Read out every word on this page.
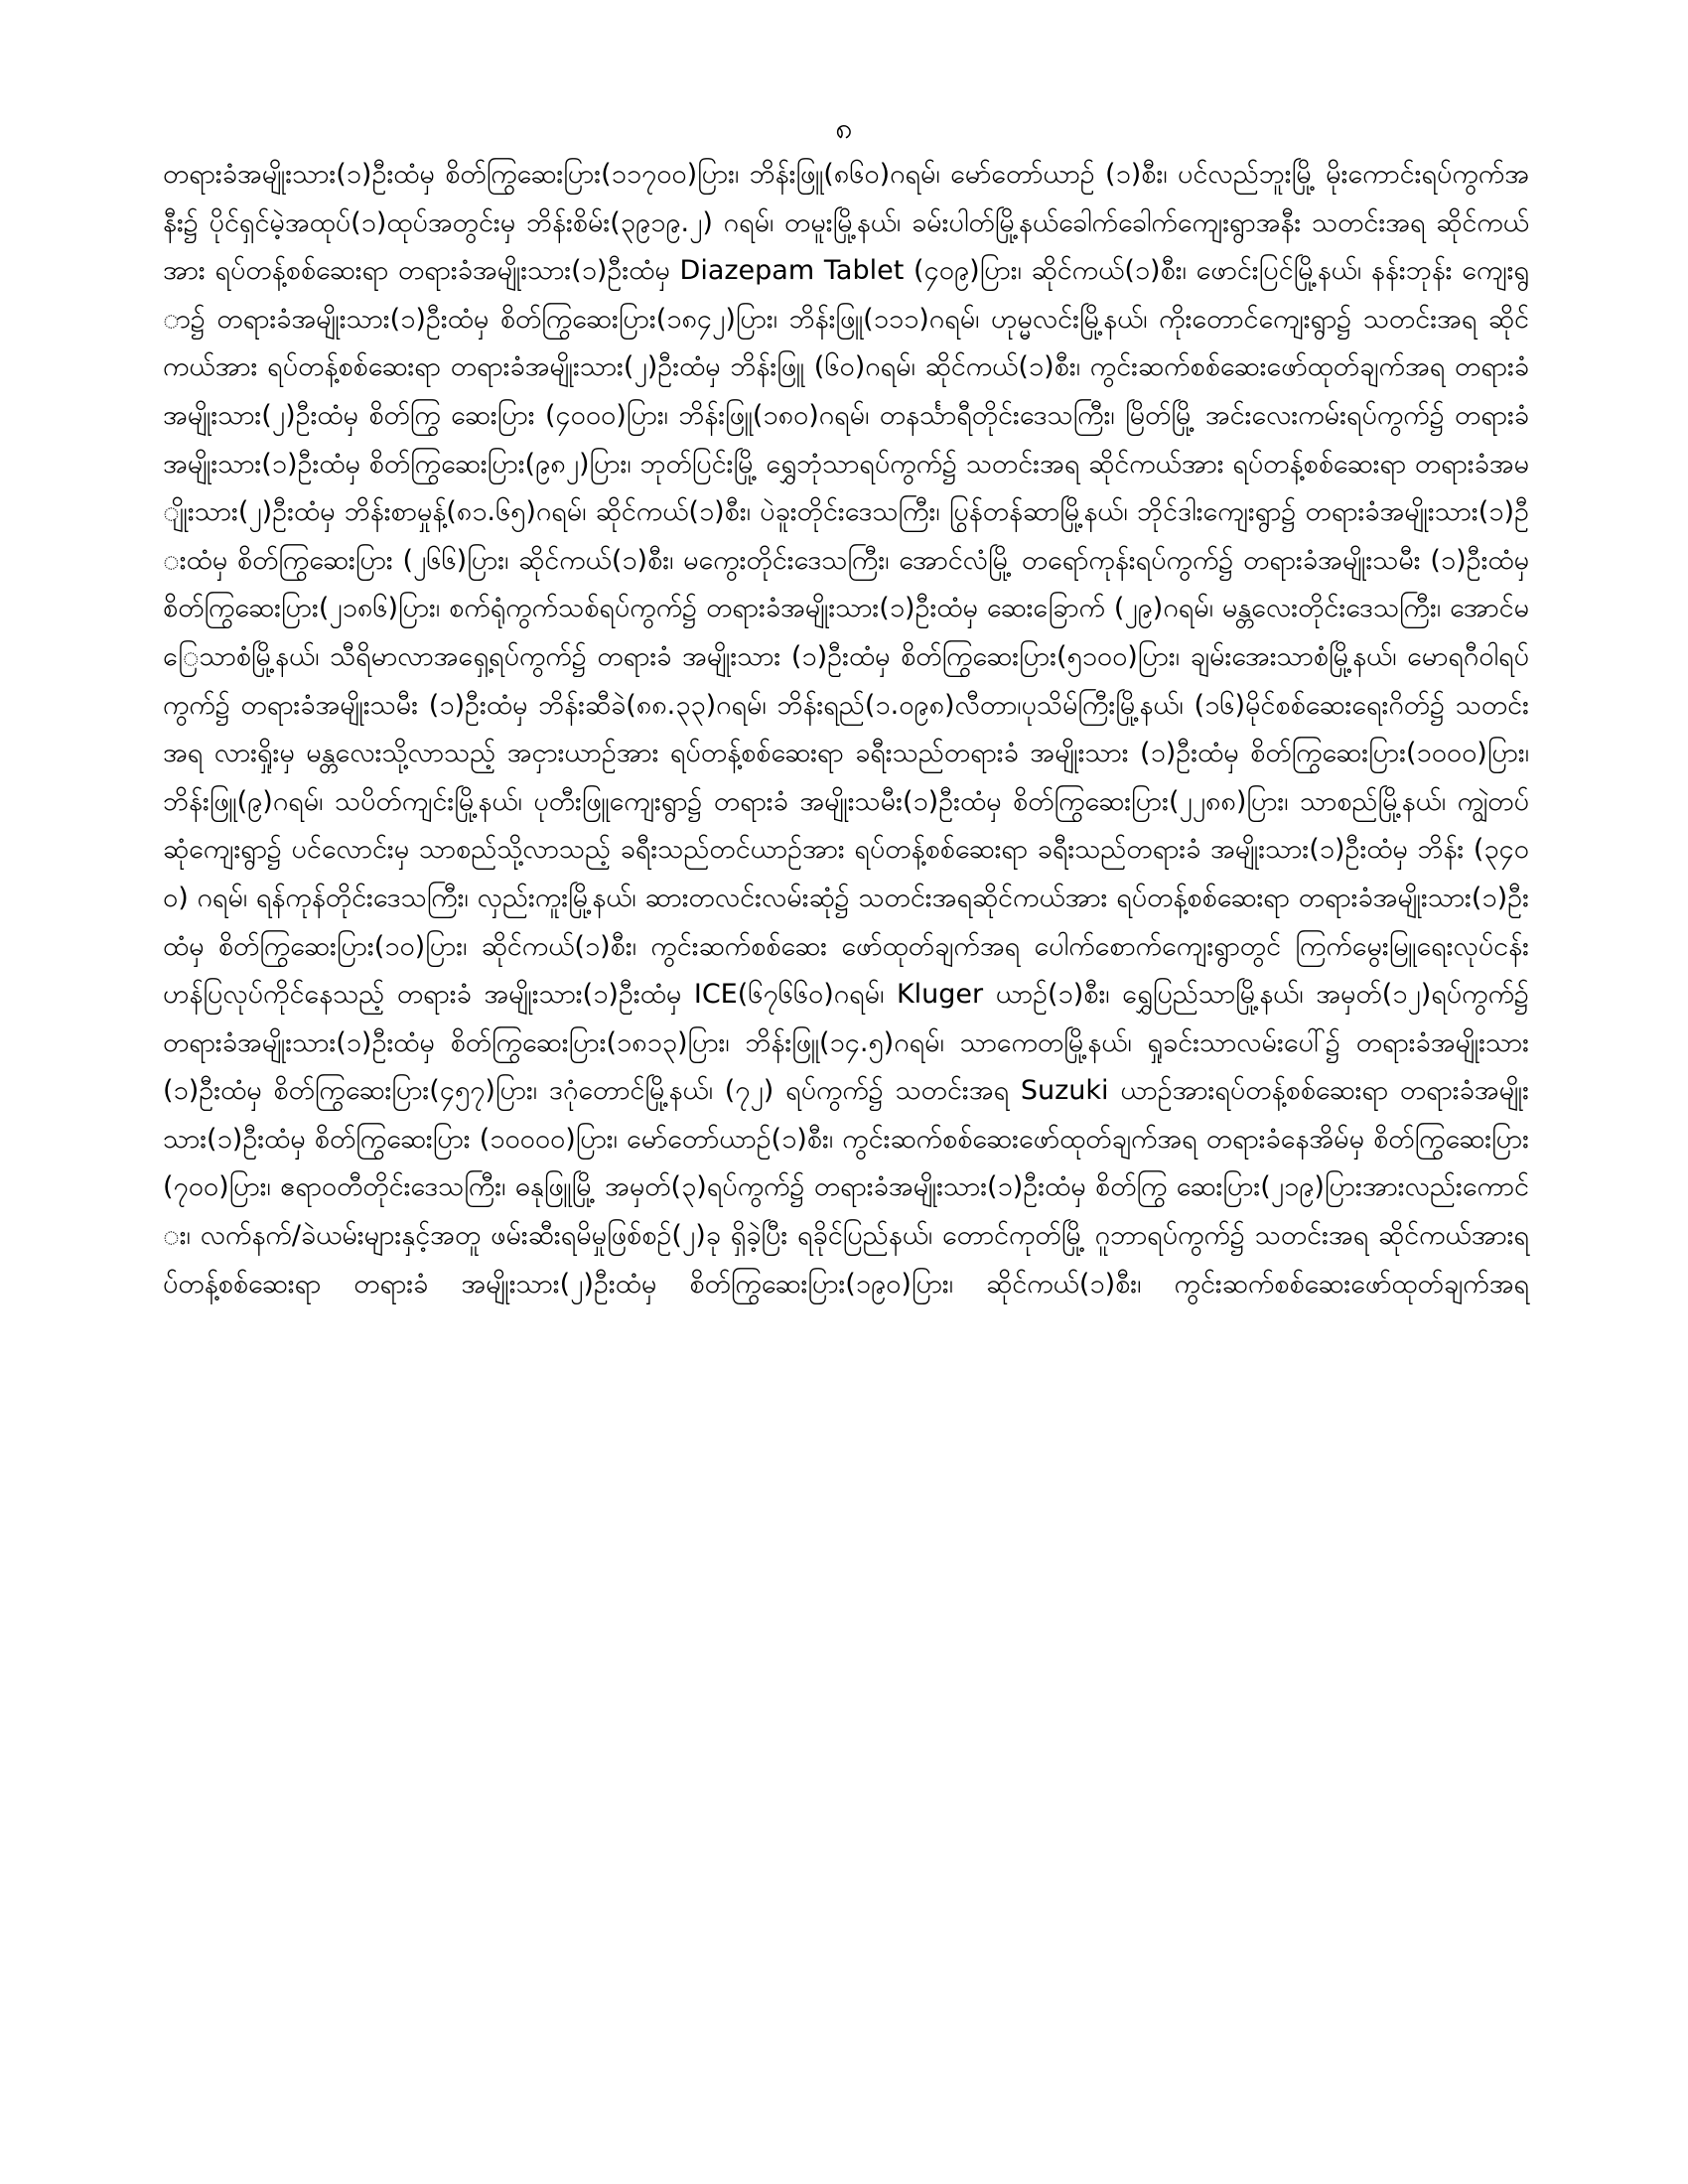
၈

တရားခံအမျိုးသား(၁)ဦးထံမှ စိတ်ကြွဆေးပြား(၁၁၇၀၀)ပြား၊ ဘိန်းဖြူ(၈၆၀)ဂရမ်၊ မော်တော်ယာဉ် (၁)စီး၊ ပင်လည်ဘူးမြို့ မိုးကောင်းရပ်ကွက်အနီး၌ ပိုင်ရှင်မဲ့အထုပ်(၁)ထုပ်အတွင်းမှ ဘိန်းစိမ်း(၃၉၁၉.၂) ဂရမ်၊ တမူးမြို့နယ်၊ ခမ်းပါတ်မြို့နယ်ခေါက်ခေါက်ကျေးရွာအနီး သတင်းအရ ဆိုင်ကယ်အား ရပ်တန့်စစ်ဆေးရာ တရားခံအမျိုးသား(၁)ဦးထံမှ Diazepam Tablet (၄၀၉)ပြား၊ ဆိုင်ကယ်(၁)စီး၊ ဖောင်းပြင်မြို့နယ်၊ နန်းဘုန်း ကျေးရွာ၌ တရားခံအမျိုးသား(၁)ဦးထံမှ စိတ်ကြွဆေးပြား(၁၈၄၂)ပြား၊ ဘိန်းဖြူ(၁၁၁)ဂရမ်၊ ဟုမ္မလင်းမြို့နယ်၊ ကိုးတောင်ကျေးရွာ၌ သတင်းအရ ဆိုင်ကယ်အား ရပ်တန့်စစ်ဆေးရာ တရားခံအမျိုးသား(၂)ဦးထံမှ ဘိန်းဖြူ (၆၀)ဂရမ်၊ ဆိုင်ကယ်(၁)စီး၊ ကွင်းဆက်စစ်ဆေးဖော်ထုတ်ချက်အရ တရားခံအမျိုးသား(၂)ဦးထံမှ စိတ်ကြွ ဆေးပြား (၄၀၀၀)ပြား၊ ဘိန်းဖြူ(၁၈၀)ဂရမ်၊ တနင်္သာရီတိုင်းဒေသကြီး၊ မြိတ်မြို့ အင်းလေးကမ်းရပ်ကွက်၌ တရားခံအမျိုးသား(၁)ဦးထံမှ စိတ်ကြွဆေးပြား(၉၈၂)ပြား၊ ဘုတ်ပြင်းမြို့ ရွှေဘုံသာရပ်ကွက်၌ သတင်းအရ ဆိုင်ကယ်အား ရပ်တန့်စစ်ဆေးရာ တရားခံအမျိုးသား(၂)ဦးထံမှ ဘိန်းစာမှုန့်(၈၁.၆၅)ဂရမ်၊ ဆိုင်ကယ်(၁)စီး၊ ပဲခူးတိုင်းဒေသကြီး၊ ပြွန်တန်ဆာမြို့နယ်၊ ဘိုင်ဒါးကျေးရွာ၌ တရားခံအမျိုးသား(၁)ဦးထံမှ စိတ်ကြွဆေးပြား (၂၆၆)ပြား၊ ဆိုင်ကယ်(၁)စီး၊ မကွေးတိုင်းဒေသကြီး၊ အောင်လံမြို့ တရော်ကုန်းရပ်ကွက်၌ တရားခံအမျိုးသမီး (၁)ဦးထံမှ စိတ်ကြွဆေးပြား(၂၁၈၆)ပြား၊ စက်ရုံကွက်သစ်ရပ်ကွက်၌ တရားခံအမျိုးသား(၁)ဦးထံမှ ဆေးခြောက် (၂၉)ဂရမ်၊ မန္တလေးတိုင်းဒေသကြီး၊ အောင်မြေသာစံမြို့နယ်၊ သီရိမာလာအရှေ့ရပ်ကွက်၌ တရားခံ အမျိုးသား (၁)ဦးထံမှ စိတ်ကြွဆေးပြား(၅၁၀၀)ပြား၊ ချမ်းအေးသာစံမြို့နယ်၊ မောရဂီဝါရပ်ကွက်၌ တရားခံအမျိုးသမီး (၁)ဦးထံမှ ဘိန်းဆီခဲ(၈၈.၃၃)ဂရမ်၊ ဘိန်းရည်(၁.၀၉၈)လီတာ၊ပုသိမ်ကြီးမြို့နယ်၊ (၁၆)မိုင်စစ်ဆေးရေးဂိတ်၌ သတင်းအရ လားရှိုးမှ မန္တလေးသို့လာသည့် အငှားယာဉ်အား ရပ်တန့်စစ်ဆေးရာ ခရီးသည်တရားခံ အမျိုးသား (၁)ဦးထံမှ စိတ်ကြွဆေးပြား(၁၀၀၀)ပြား၊ ဘိန်းဖြူ(၉)ဂရမ်၊ သပိတ်ကျင်းမြို့နယ်၊ ပုတီးဖြူကျေးရွာ၌ တရားခံ အမျိုးသမီး(၁)ဦးထံမှ စိတ်ကြွဆေးပြား(၂၂၈၈)ပြား၊ သာစည်မြို့နယ်၊ ကျွဲတပ်ဆုံကျေးရွာ၌ ပင်လောင်းမှ သာစည်သို့လာသည့် ခရီးသည်တင်ယာဉ်အား ရပ်တန့်စစ်ဆေးရာ ခရီးသည်တရားခံ အမျိုးသား(၁)ဦးထံမှ ဘိန်း (၃၄၀၀) ဂရမ်၊ ရန်ကုန်တိုင်းဒေသကြီး၊ လှည်းကူးမြို့နယ်၊ ဆားတလင်းလမ်းဆုံ၌ သတင်းအရဆိုင်ကယ်အား ရပ်တန့်စစ်ဆေးရာ တရားခံအမျိုးသား(၁)ဦးထံမှ စိတ်ကြွဆေးပြား(၁၀)ပြား၊ ဆိုင်ကယ်(၁)စီး၊ ကွင်းဆက်စစ်ဆေး ဖော်ထုတ်ချက်အရ ပေါက်စောက်ကျေးရွာတွင် ကြက်မွေးမြူရေးလုပ်ငန်း ဟန်ပြလုပ်ကိုင်နေသည့် တရားခံ အမျိုးသား(၁)ဦးထံမှ ICE(၆၇၆၆၀)ဂရမ်၊ Kluger ယာဉ်(၁)စီး၊ ရွှေပြည်သာမြို့နယ်၊ အမှတ်(၁၂)ရပ်ကွက်၌ တရားခံအမျိုးသား(၁)ဦးထံမှ စိတ်ကြွဆေးပြား(၁၈၁၃)ပြား၊ ဘိန်းဖြူ(၁၄.၅)ဂရမ်၊ သာကေတမြို့နယ်၊ ရှုခင်းသာလမ်းပေါ်၌ တရားခံအမျိုးသား(၁)ဦးထံမှ စိတ်ကြွဆေးပြား(၄၅၇)ပြား၊ ဒဂုံတောင်မြို့နယ်၊ (၇၂) ရပ်ကွက်၌ သတင်းအရ Suzuki ယာဉ်အားရပ်တန့်စစ်ဆေးရာ တရားခံအမျိုးသား(၁)ဦးထံမှ စိတ်ကြွဆေးပြား (၁၀၀၀၀)ပြား၊ မော်တော်ယာဉ်(၁)စီး၊ ကွင်းဆက်စစ်ဆေးဖော်ထုတ်ချက်အရ တရားခံနေအိမ်မှ စိတ်ကြွဆေးပြား (၇၀၀)ပြား၊ ဧရာဝတီတိုင်းဒေသကြီး၊ ဓနုဖြူမြို့ အမှတ်(၃)ရပ်ကွက်၌ တရားခံအမျိုးသား(၁)ဦးထံမှ စိတ်ကြွ ဆေးပြား(၂၁၉)ပြားအားလည်းကောင်း၊ လက်နက်/ခဲယမ်းများနှင့်အတူ ဖမ်းဆီးရမိမှုဖြစ်စဉ်(၂)ခု ရှိခဲ့ပြီး ရခိုင်ပြည်နယ်၊ တောင်ကုတ်မြို့ ဂူဘာရပ်ကွက်၌ သတင်းအရ ဆိုင်ကယ်အားရပ်တန့်စစ်ဆေးရာ တရားခံ အမျိုးသား(၂)ဦးထံမှ စိတ်ကြွဆေးပြား(၁၉၀)ပြား၊ ဆိုင်ကယ်(၁)စီး၊ ကွင်းဆက်စစ်ဆေးဖော်ထုတ်ချက်အရ
